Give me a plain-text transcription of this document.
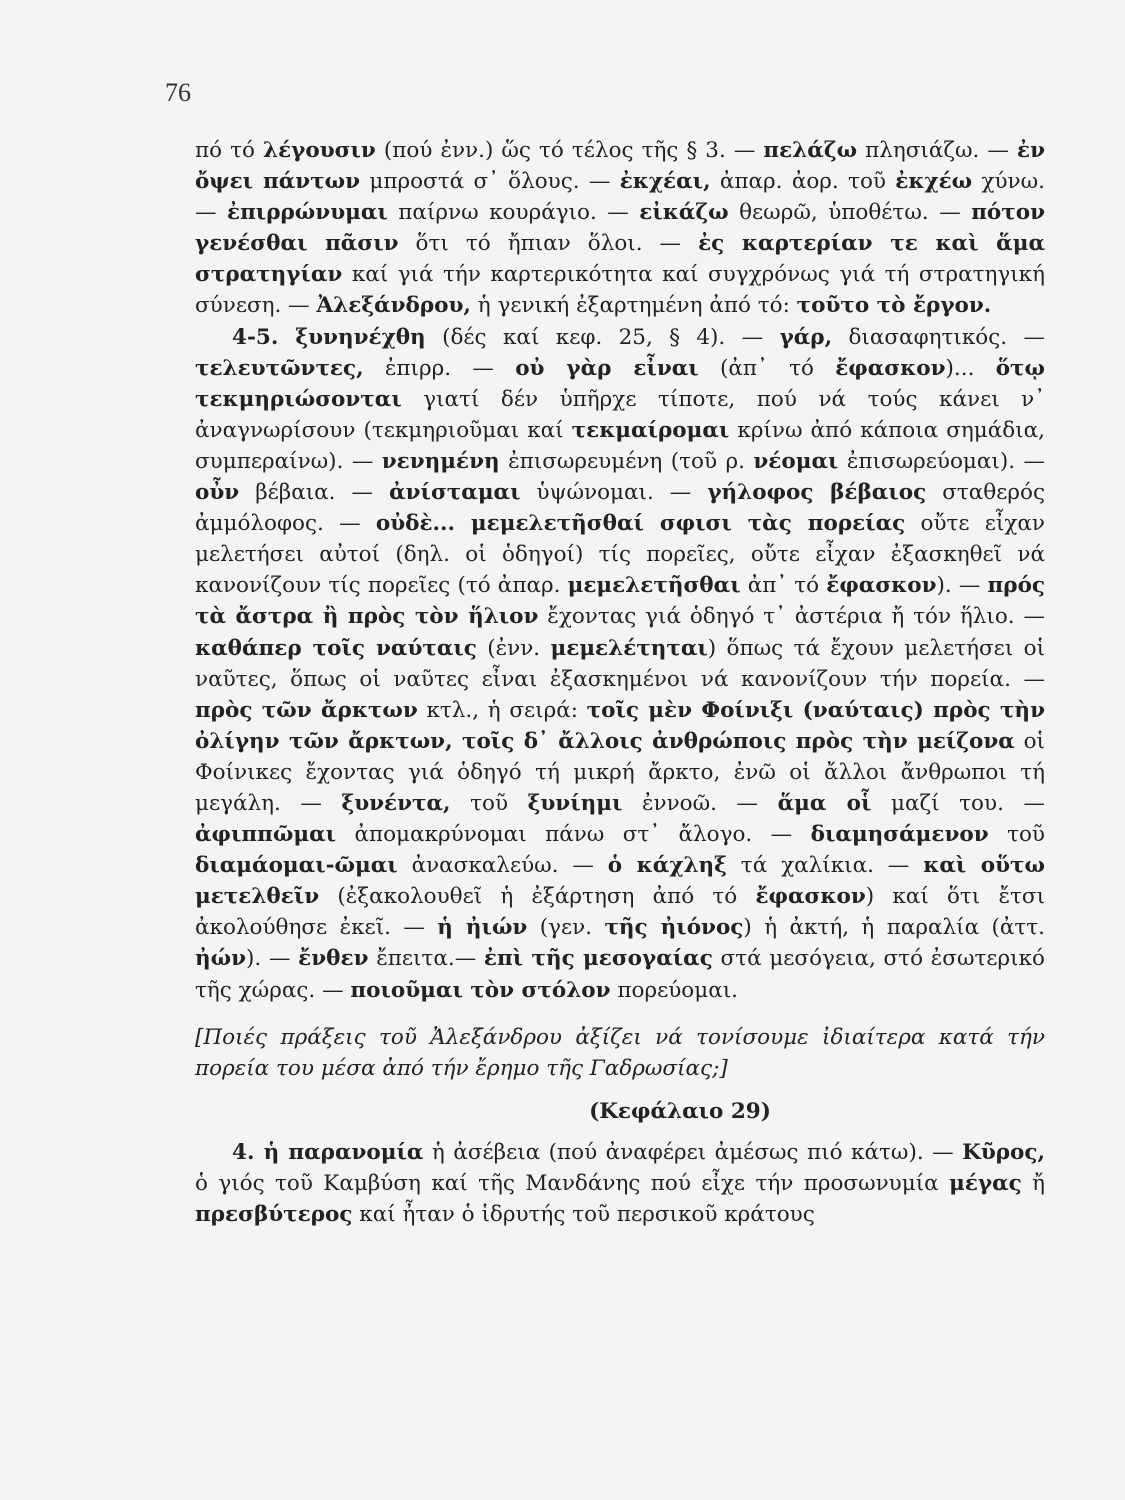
76
πό τό λέγουσιν (πού ἐνν.) ὥς τό τέλος τῆς § 3. — πελάζω πλησιάζω. — ἐν ὄψει πάντων μπροστά σ᾿ ὅλους. — ἐκχέαι, ἀπαρ. ἀορ. τοῦ ἐκχέω χύνω. — ἐπιρρώνυμαι παίρνω κουράγιο. — εἰκάζω θεωρῶ, ὑποθέτω. — πότον γενέσθαι πᾶσιν ὅτι τό ἤπιαν ὅλοι. — ἐς καρτερίαν τε καὶ ἅμα στρατηγίαν καί γιά τήν καρτερικότητα καί συγχρόνως γιά τή στρατηγική σύνεση. — Ἀλεξάνδρου, ἡ γενική ἐξαρτημένη ἀπό τό: τοῦτο τὸ ἔργον.
4-5. ξυνηνέχθη (δές καί κεφ. 25, § 4). — γάρ, διασαφητικός. — τελευτῶντες, ἐπιρρ. — οὐ γὰρ εἶναι (ἀπ᾿ τό ἔφασκον)... ὅτῳ τεκμηριώσονται γιατί δέν ὑπῆρχε τίποτε, πού νά τούς κάνει ν᾿ ἀναγνωρίσουν (τεκμηριοῦμαι καί τεκμαίρομαι κρίνω ἀπό κάποια σημάδια, συμπεραίνω). — νενημένη ἐπισωρευμένη (τοῦ ρ. νέομαι ἐπισωρεύομαι). — οὖν βέβαια. — ἀνίσταμαι ὑψώνομαι. — γήλοφος βέβαιος σταθερός ἀμμόλοφος. — οὐδὲ... μεμελετῆσθαί σφισι τὰς πορείας οὔτε εἶχαν μελετήσει αὐτοί (δηλ. οἱ ὁδηγοί) τίς πορεῖες, οὔτε εἶχαν ἐξασκηθεῖ νά κανονίζουν τίς πορεῖες (τό ἀπαρ. μεμελετῆσθαι ἀπ᾿ τό ἔφασκον). — πρός τὰ ἄστρα ἢ πρὸς τὸν ἥλιον ἔχοντας γιά ὁδηγό τ᾿ ἀστέρια ἤ τόν ἥλιο. — καθάπερ τοῖς ναύταις (ἐνν. μεμελέτηται) ὅπως τά ἔχουν μελετήσει οἱ ναῦτες, ὅπως οἱ ναῦτες εἶναι ἐξασκημένοι νά κανονίζουν τήν πορεία. — πρὸς τῶν ἄρκτων κτλ., ἡ σειρά: τοῖς μὲν Φοίνιξι (ναύταις) πρὸς τὴν ὀλίγην τῶν ἄρκτων, τοῖς δ᾿ ἄλλοις ἀνθρώποις πρὸς τὴν μείζονα οἱ Φοίνικες ἔχοντας γιά ὁδηγό τή μικρή ἄρκτο, ἐνῶ οἱ ἄλλοι ἄνθρωποι τή μεγάλη. — ξυνέντα, τοῦ ξυνίημι ἐννοῶ. — ἅμα οἷ μαζί του. — ἀφιππῶμαι ἀπομακρύνομαι πάνω στ᾿ ἄλογο. — διαμησάμενον τοῦ διαμάομαι-ῶμαι ἀνασκαλεύω. — ὁ κάχληξ τά χαλίκια. — καὶ οὕτω μετελθεῖν (ἐξακολουθεῖ ἡ ἐξάρτηση ἀπό τό ἔφασκον) καί ὅτι ἔτσι ἀκολούθησε ἐκεῖ. — ἡ ἠιών (γεν. τῆς ἠιόνος) ἡ ἀκτή, ἡ παραλία (ἀττ. ἠών). — ἔνθεν ἔπειτα.— ἐπὶ τῆς μεσογαίας στά μεσόγεια, στό ἐσωτερικό τῆς χώρας. — ποιοῦμαι τὸν στόλον πορεύομαι.
[Ποιές πράξεις τοῦ Ἀλεξάνδρου ἀξίζει νά τονίσουμε ἰδιαίτερα κατά τήν πορεία του μέσα ἀπό τήν ἔρημο τῆς Γαδρωσίας;]
(Κεφάλαιο 29)
4. ἡ παρανομία ἡ ἀσέβεια (πού ἀναφέρει ἀμέσως πιό κάτω). — Κῦρος, ὁ γιός τοῦ Καμβύση καί τῆς Μανδάνης πού εἶχε τήν προσωνυμία μέγας ἤ πρεσβύτερος καί ἦταν ὁ ἱδρυτής τοῦ περσικοῦ κράτους
